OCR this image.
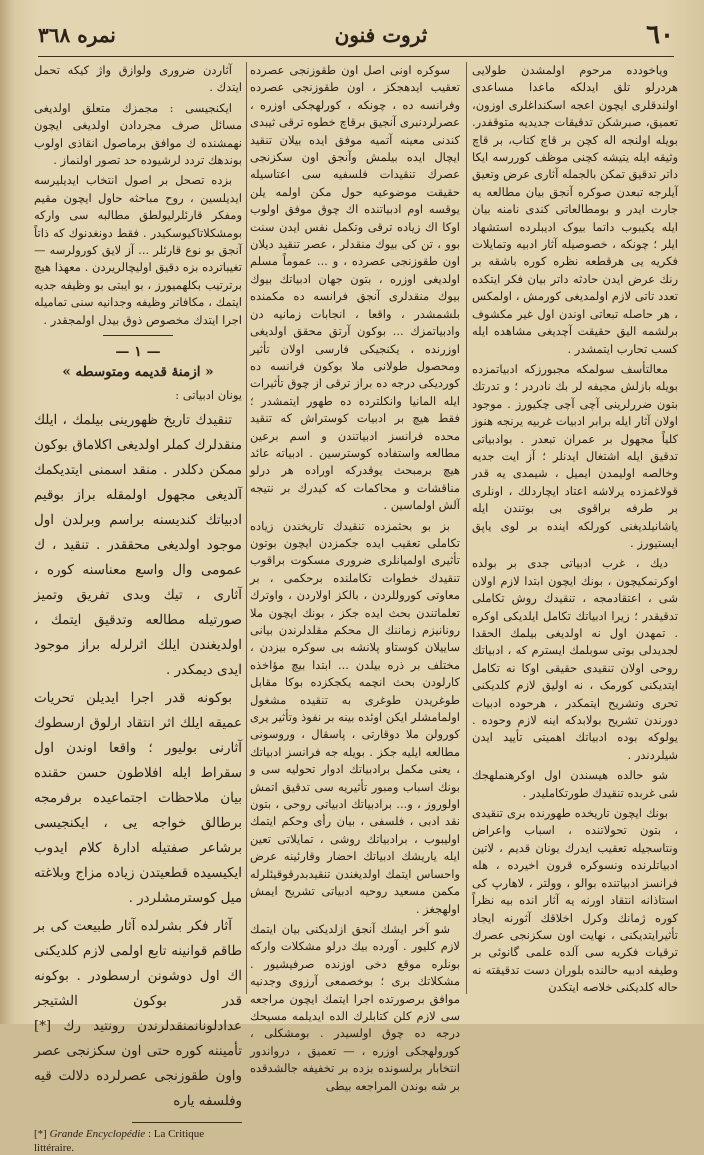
٦٠
ثروت فنون
نمره ٣٦٨

ویاخودده مرحوم اولمشدن طولایی هردرلو تلق ایدلکه ماعدا مساعدی اولندقلری ایچون اعجه اسکنداغلری اوزون، تعمیق، صبرشکن تدقیقات جدیدیه متوقفدر. بویله اولنجه اله کچن بر قاچ کتاب، بر قاچ وثیقه ایله یتیشه کچنی موظف کوررسه ایکا داتر تدقیق تمکن بالجمله آثاری عرض وتعیق آیلرجه تبعدن صوکره آنجق بیان مطالعه یه جارت ایدر و بومطالعاتی کندی نامنه بیان ایله یکیبوب داتما بیوک ادیبلرده استشهاد ایلر ؛ چونکه ، خصوصیله آثار ادبیه وتمایلات فکریه یی هرقطعه نظره کوره باشقه بر رنك عرض ایدن حادثه داتر بیان فکر ایتکده تعدد تاتی لازم اولمدیغی کورمش ، اولمکس ، هر حاصله تبعاتی اوندن اول غیر مکشوف برلشمه الیق حقیقت آچدیغی مشاهده ایله کسب تحارب ایتمشدر .

معالتأسف سولمکه مجبورزکه ادبیاتمزده بویله بازلش مجیفه لر بك نادردر ؛ و تدرتك بتون ضررلرینی آچی آچی چکیورز . موجود اولان آثار ایله برابر ادبیات غربیه یرنجه هنوز کلیاً مجهول بر عمران تبعدر . بوادبیاتی تدقیق ایله اشتغال ایدنلر ؛ آز ایت جدیه وخالصه اولیمدن ایمیل ، شیمدی یه قدر قولاغمزده یرلاشه اعتاد ایچاردلك ، اونلری بر طرفه براقوی بی بوتندن ایله یاشانیلدیغنی کورلکه اینده بر لوی یاپق ایستیورز .

دیك ، غرب ادبیاتی جدی بر بولده اوکرنمکیچون ، بونك ایچون ابتدا لازم اولان شی ، اعتقادمجه ، تنقیدك روش تکاملی تدقیقدر ؛ زیرا ادبیاتك تکامل ایلدیکی اوکره . تمهدن اول نه اولدیغی بیلمك الحقدا لجدیدلی بوتی سوبلمك ایسترم که ، ادبیاتك روحی اولان تنقیدی حقیقی اوکا نه تکامل ایتدیکنی کورمک ، نه اولیق لازم کلدیکنی تحری وتشریح ایتمکدر ، هرحوده ادبیات دورندن تشریح بولابدکه اینه لازم وحوده . یولوکه بوده ادبیاتك اهمیتی تأیید ایدن شیلردندر .

شو حالده هیسندن اول اوکرهنملهجك شی غربده تنقیدك طورتکاملیدر .

بونك ایچون تاریخده طهورنده بری تنقیدی ، بتون تحولاتنده ، اسباب واعراض ونتاسجیله تعقیب ایدرك یونان قدیم ، لاتین ادبیاتلرنده ونسوکره قرون اخیرده ، هله فرانسز ادبیاتنده بوالو ، وولتر ، لاهارپ کی استاذانه انتقاد اورنه یه آثار انده بیه نظراً کوره ژمانك وکرل اخلاقك آثورنه ایجاد تأثیرایتدیکنی ، نهایت اون سکزنجی عصرك ترقیات فکریه سی آلده علمی گانوئی بر وطیفه ادبیه حالنده بلوران دست تدقیقته نه حاله کلدیکنی خلاصه ایتکدن

سوکره اونی اصل اون طقوزنجی عصرده تعقیب ایدهجکز ، اون طقوزنجی عصرده وفرانسه ده ، چونکه ، کورلهجکی اوزره ، عصرلردنبری آنجیق برقاچ خطوه ترقی ثیبدی کندنی معینه آتمیه موفق ایده بیلان تنقید ایچال ایده بیلمش وآنجق اون سکزنجی عصرك تنقیدات فلسفیه سی اعتاسیله حقیقت موضوعیه حول مکن اولمه یلن یوقسه اوم ادبیاتنده اك چوق موفق اولوب اوکا اك زیاده ترقی وتکمل نفس ایدن سنت بوو ، تن کی بیوك منقدلر ، عصر تنقید دیلان اون طقوزنجی عصرده ، و ... عموماً مسلم اولدیغی اوزره ، بتون جهان ادبیاتك بیوك بیوك منقدلری آنجق فرانسه ده مکمنده بلشمشدر ، واقعا ، انجابات زمانیه دن وادبیاتمزك ... بوکون آرتق محقق اولدیغی اوزرنده ، یکنجیکی فارسی اولان تأثیر ومحصول طولانی ملا بوکون فرانسه ده کوردیکی درجه ده براز ترقی از چوق تأثیرات ایله المانیا وانکلترده ده طهور ایتمشدر ؛ فقط هیچ بر ادبیات کوستراش که تنقید محده فرانسز ادبیاتندن و اسم برعین مطالعه واستفاده کوسترسین . ادبیاته عائد هیچ برمبحث یوقدرکه اوراده هر درلو مناقشات و محاکمات که کیدرك بر نتیجه آلش اولماسین .

بز بو بحثمزده تنقیدك تاریخندن زیاده تکاملی تعقیب ایده جکمزدن ایچون بوتون تأثیری اولمیانلری ضروری مسکوت براقوب تنقیدك خطوات تکاملنده برحکمی ، بر معاوتی کوروللردن ، بالکز اولاردن ، واوترك تعلماتندن بحث ایده جکز ، بونك ایچون ملا رونانیزم زماننك ال محکم مقلدلرندن بیانی ساییلان کوستاو پلانشه بی سوکره بیزدن ، مختلف بر ذره بیلدن ... ابتدا بیچ مؤاخذه کارلودن بحث انچمه یکجکزده بوکا مقابل طوغریدن طوغری به تنقیده مشغول اولمامشلر ایکن اوئده بینه بر نفوذ وتأثیر یری کورولن ملا دوقارتی ، پاسقال ، وروسونی مطالعه ایلیه جکز . بویله جه فرانسز ادبیاتك ، یعنی مکمل برادبیاتك ادوار تحولیه سی و بونك اسباب ومبور تأثیریه سی تدقیق اتمش اولوروز ، و... برادبیاتك ادبیاتی روحی ، بتون نقد ادبی ، فلسفی ، بیان رأی وحکم ایتمك اولیبوب ، برادبیاتك روشی ، تمایلاتی تعین ایله یاریشك ادبیاتك احضار وقارئینه عرض واحساس ایتمك اولدیغندن تنقیدبدرقوقیئلرله مکمن مسعید روحیه ادبیاتی تشریح ایمش اولهجغز .

شو آخر ایشك آنجق ازلدیکنی بیان ایتمك لازم کلیور . آورده بیك درلو مشکلات وارکه بونلره موقع دخی اوزنده صرفیشیور . مشکلاتك بری ؛ بوخصمعی آرزوی وجدنیه موافق برصورتده اجرا ایتمك ایچون مراجعه سی لازم کلن کتابلرك الده ایدیلمه مسیحك درجه ده چوق اولسیدر . بومشکلی ، کورولهجکی اوزره ، — تعمیق ، درواندور انتخابار برلسونده بزده بر تخفیفه جالشدقده بر شه بوندن المراجعه بیطی

آثاردن ضروری ولوازق واژ کیکه تحمل ایتدك .

ایکنجیسی : مجمزك متعلق اولدیغی مسائل صرف مجردادن اولدیغی ایچون نهمشنده ك موافق برماصول انقاذی اولوب بوندهك تردد لرشیوده حد تصور اولنماز .

بزده تصحل بر اصول انتخاب ایدیلیرسه ایدیلسین ، روح مباحثه حاول ایچون مقیم ومفکر قارئلرلیولطق مطالبه سی وارکه بومشکلاتاکیوسکیدر . فقط دونغدنوك که ذاتاً آنجق بو نوع قارئلر ... آز لایق کورولرسه — تغیباترده بزه دقیق اولیچالریردن . معهذا هیچ برترتیب بکلهمیورز ، بو ایبتی بو وظیفه جدیه ایتمك ، مکافاتر وظیفه وجدانیه سنی تمامیله اجرا ایتدك مخصوص ذوق بیدل اولمجقدر .

— ١ —
« ازمنهٔ قدیمه ومتوسطه »
یونان ادبیاتی :

تنقیدك تاریخ ظهورینی بیلمك ، ایلك منقدلرك کملر اولدیغی اکلاماق بوکون ممکن دکلدر . منقد اسمنی ایتدیکمك آلدیغی مجهول اولمقله براز بوقیم ادبیاتك کندیسنه براسم وبرلدن اول موجود اولدیغی محققدر . تنقید ، ك عمومی وال واسع معناسنه کوره ، آثاری ، تیك وبدی تفریق وتمیز صورتیله مطالعه وتدقیق ایتمك ، اولدیغندن ایلك اثرلرله براز موجود ایدی دیمکدر .

بوکونه قدر اجرا ایدیلن تحریات عمیقه ایلك اثر انتقاد ارلوق ارسطوك آثارنی بولیور ؛ واقعا اوندن اول سقراط ایله افلاطون حسن حقنده بیان ملاحظات اجتماعیده برفرمجه برطالق خواجه یی ، ایکنجیسی برشاعر صفتیله ادارهٔ کلام ایدوب ایکیسیده قطعیتدن زیاده مزاج وبلاغته میل کوسترمشلردر .

آثار فکر بشرلده آثار طبیعت کی بر طاقم قوانینه تابع اولمی لازم کلدیکنی اك اول دوشونن ارسطودر . بوکونه قدر بوکون الشتیجر عدادلونانمنقدلرندن رونتید رك [*] تأمیننه کوره حتی اون سکزنجی عصر واون طقوزنجی عصرلرده دلالت قیه وفلسفه یاره

[*] Grande Encyclopédie : La Critique littéraire.
